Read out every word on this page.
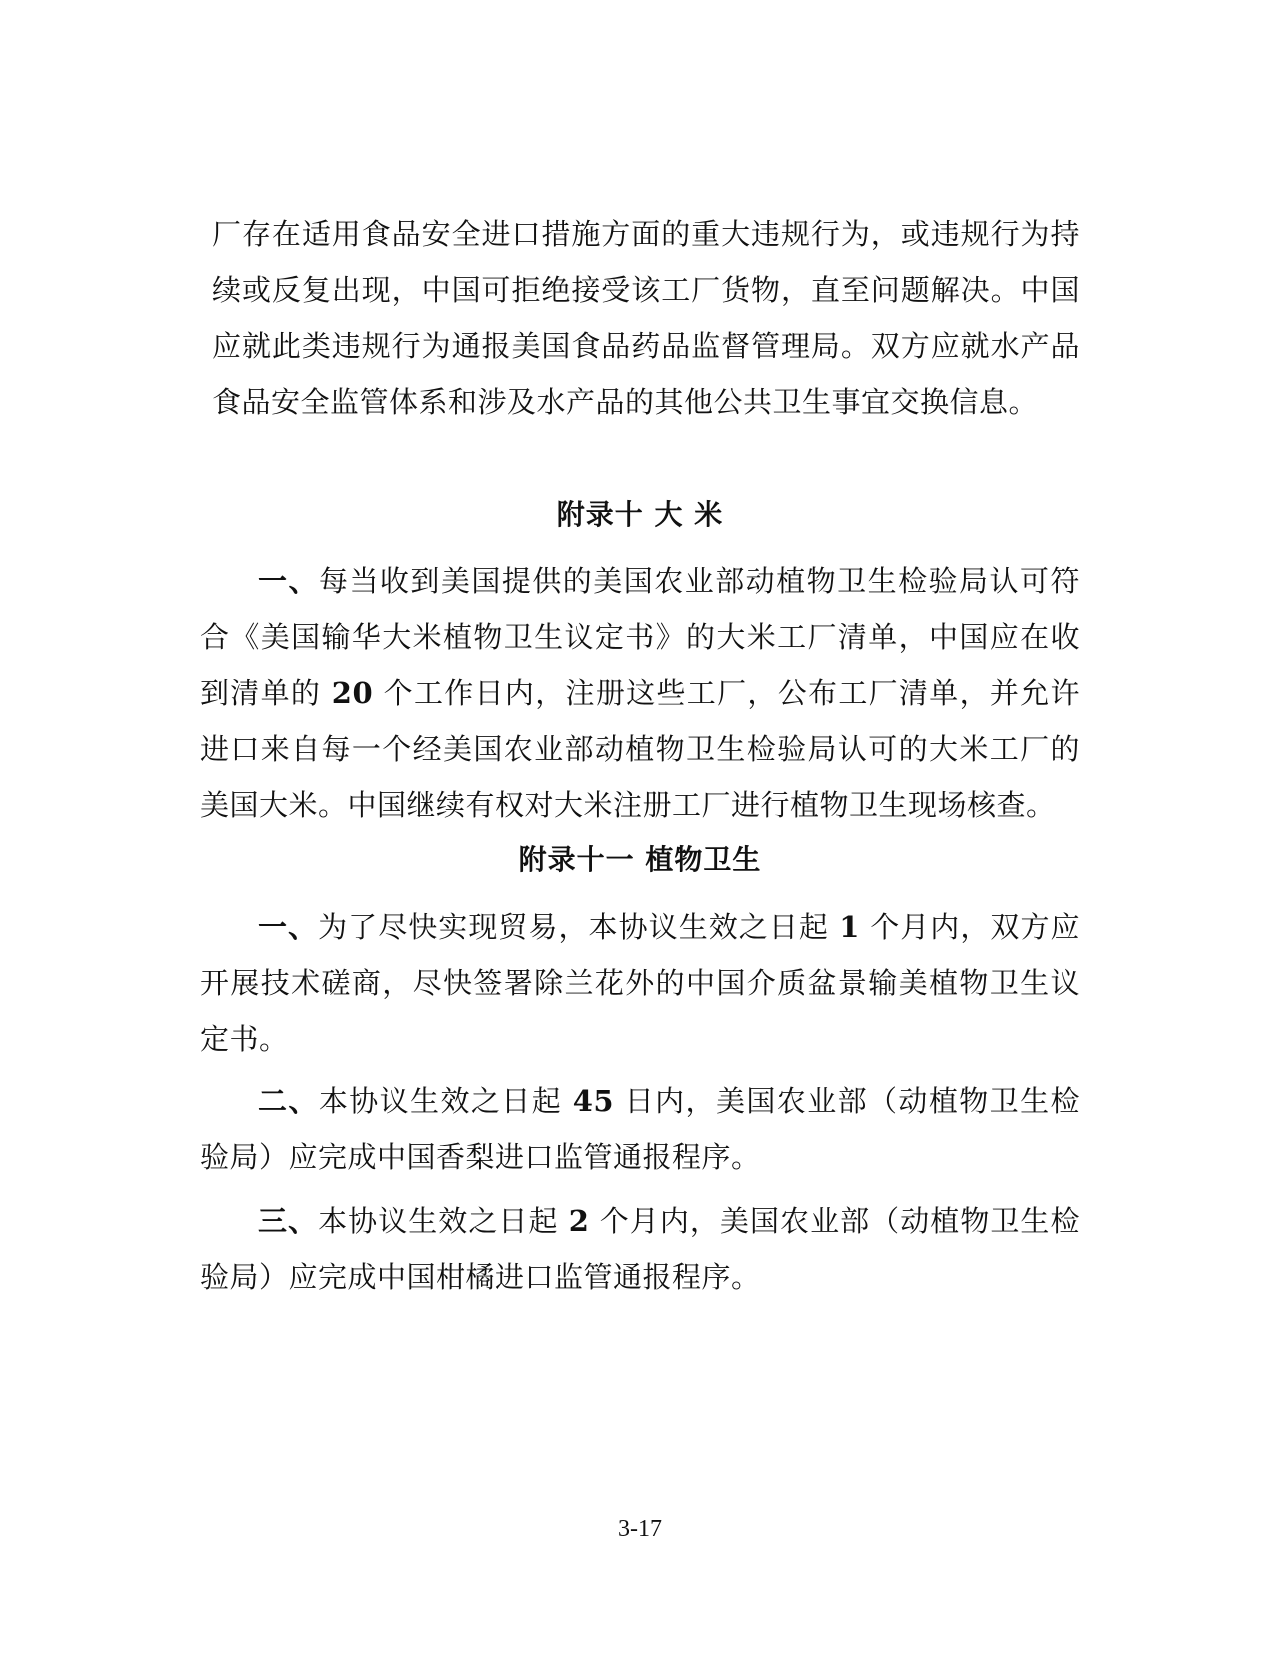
厂存在适用食品安全进口措施方面的重大违规行为，或违规行为持续或反复出现，中国可拒绝接受该工厂货物，直至问题解决。中国应就此类违规行为通报美国食品药品监督管理局。双方应就水产品食品安全监管体系和涉及水产品的其他公共卫生事宜交换信息。

附录十 大 米

一、每当收到美国提供的美国农业部动植物卫生检验局认可符合《美国输华大米植物卫生议定书》的大米工厂清单，中国应在收到清单的 20 个工作日内，注册这些工厂，公布工厂清单，并允许进口来自每一个经美国农业部动植物卫生检验局认可的大米工厂的美国大米。中国继续有权对大米注册工厂进行植物卫生现场核查。

附录十一 植物卫生

一、为了尽快实现贸易，本协议生效之日起 1 个月内，双方应开展技术磋商，尽快签署除兰花外的中国介质盆景输美植物卫生议定书。

二、本协议生效之日起 45 日内，美国农业部（动植物卫生检验局）应完成中国香梨进口监管通报程序。

三、本协议生效之日起 2 个月内，美国农业部（动植物卫生检验局）应完成中国柑橘进口监管通报程序。

3-17
